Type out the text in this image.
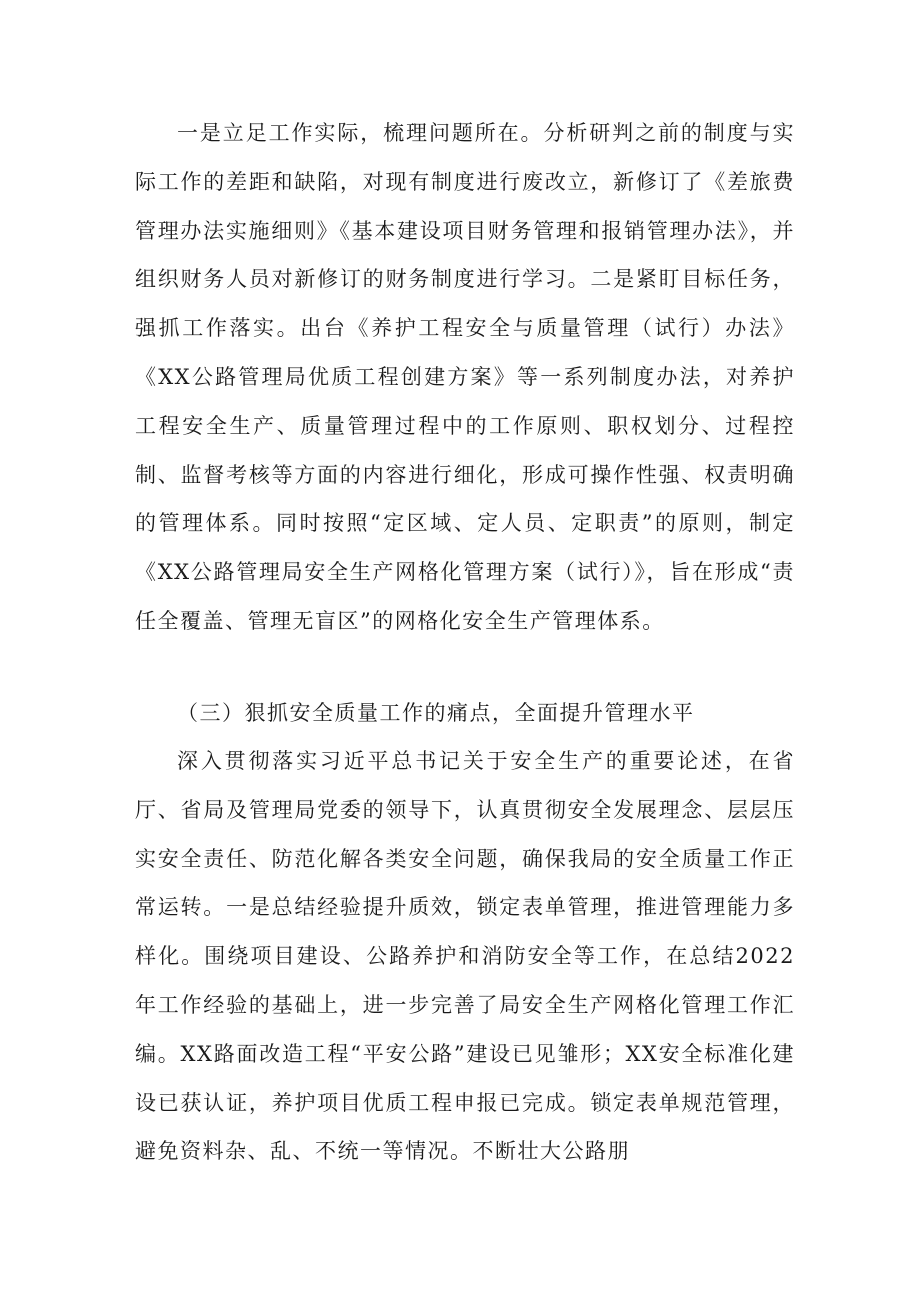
一是立足工作实际，梳理问题所在。分析研判之前的制度与实际工作的差距和缺陷，对现有制度进行废改立，新修订了《差旅费管理办法实施细则》《基本建设项目财务管理和报销管理办法》，并组织财务人员对新修订的财务制度进行学习。二是紧盯目标任务，强抓工作落实。出台《养护工程安全与质量管理（试行）办法》《XX公路管理局优质工程创建方案》等一系列制度办法，对养护工程安全生产、质量管理过程中的工作原则、职权划分、过程控制、监督考核等方面的内容进行细化，形成可操作性强、权责明确的管理体系。同时按照“定区域、定人员、定职责”的原则，制定《XX公路管理局安全生产网格化管理方案（试行）》，旨在形成“责任全覆盖、管理无盲区”的网格化安全生产管理体系。

（三）狠抓安全质量工作的痛点，全面提升管理水平

深入贯彻落实习近平总书记关于安全生产的重要论述，在省厅、省局及管理局党委的领导下，认真贯彻安全发展理念、层层压实安全责任、防范化解各类安全问题，确保我局的安全质量工作正常运转。一是总结经验提升质效，锁定表单管理，推进管理能力多样化。围绕项目建设、公路养护和消防安全等工作，在总结2022年工作经验的基础上，进一步完善了局安全生产网格化管理工作汇编。XX路面改造工程“平安公路”建设已见雏形；XX安全标准化建设已获认证，养护项目优质工程申报已完成。锁定表单规范管理，避免资料杂、乱、不统一等情况。不断壮大公路朋
